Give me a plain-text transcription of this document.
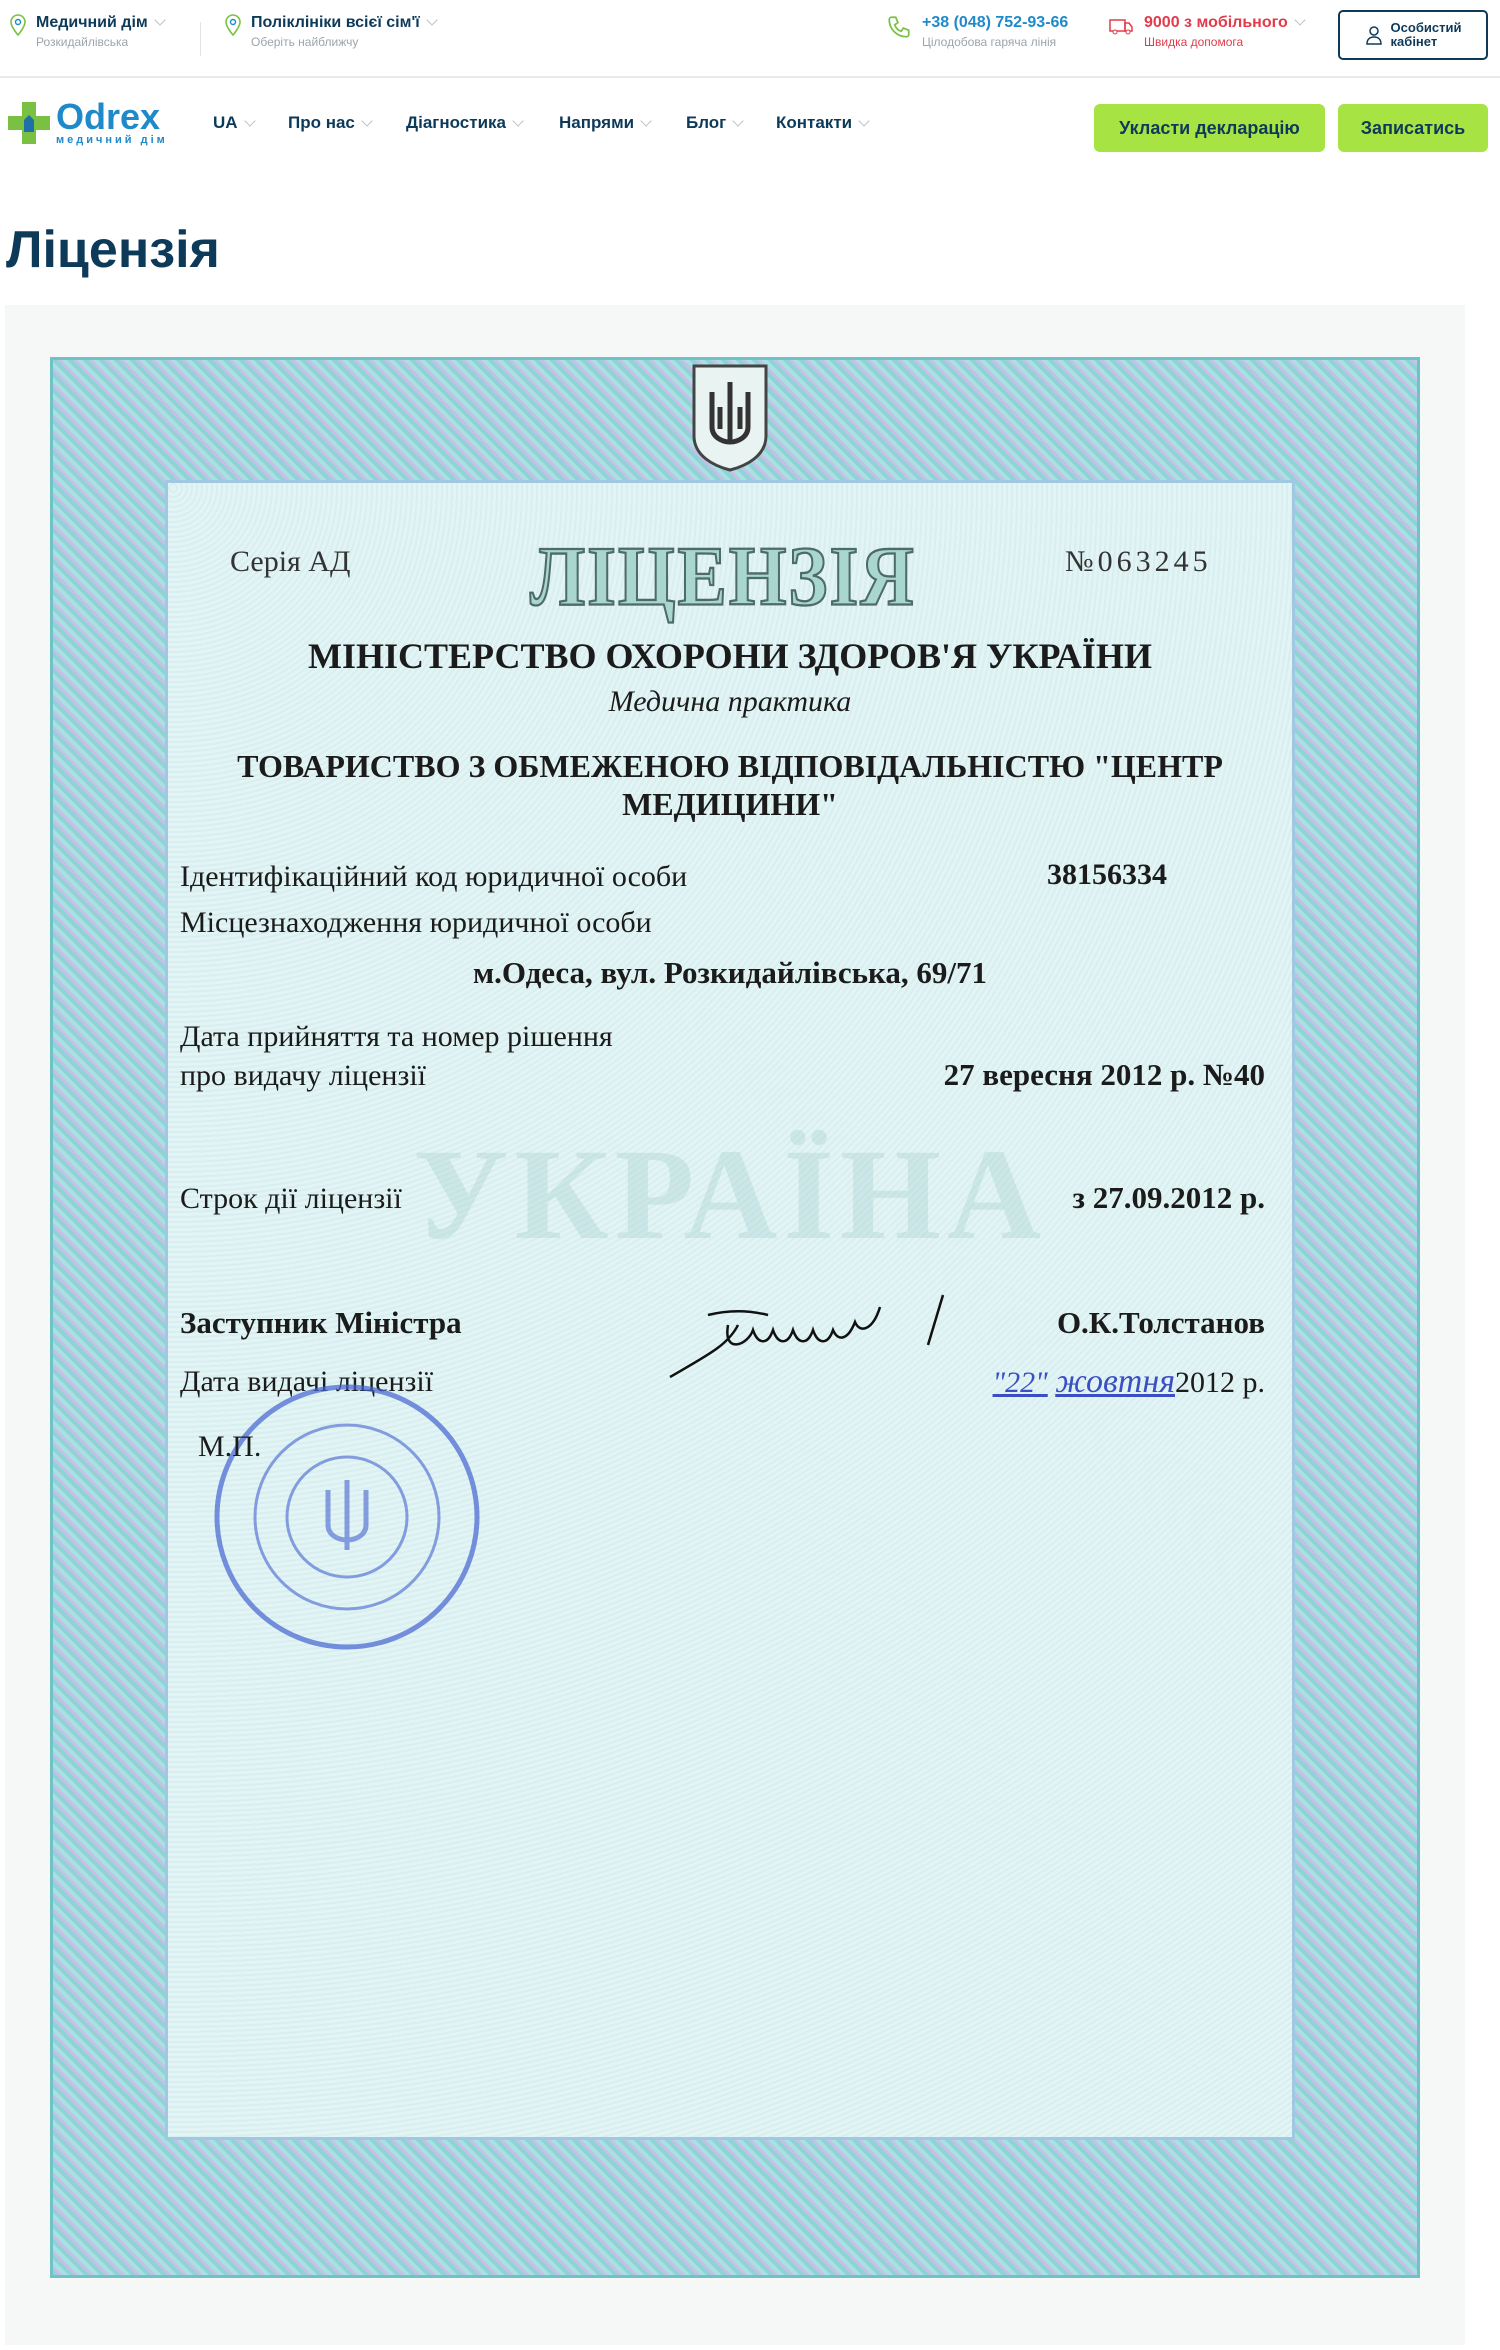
Медичний дім
Розкидайлівська
Поліклініки всієї сім'ї
Оберіть найближчу
+38 (048) 752-93-66
Цілодобова гаряча лінія
9000 з мобільного
Швидка допомога
Особистий
кабінет
Odrex
медичний дім
UA	Про нас	Діагностика	Напрями	Блог	Контакти	Укласти декларацію	Записатись
Ліцензія
УКРАЇНА
Серія АД ЛІЦЕНЗІЯ	№063245
МІНІСТЕРСТВО ОХОРОНИ ЗДОРОВ'Я УКРАЇНИ
Медична практика
ТОВАРИСТВО З ОБМЕЖЕНОЮ ВІДПОВІДАЛЬНІСТЮ "ЦЕНТР
МЕДИЦИНИ"
Ідентифікаційний код юридичної особи	38156334
Місцезнаходження юридичної особи
м.Одеса, вул. Розкидайлівська, 69/71
Дата прийняття та номер рішення
про видачу ліцензії	27 вересня 2012 р. №40
Строк дії ліцензії	з 27.09.2012 р.
Заступник Міністра	О.К.Толстанов
Дата видачі ліцензії	"22" жовтня2012 р.
М.П.
